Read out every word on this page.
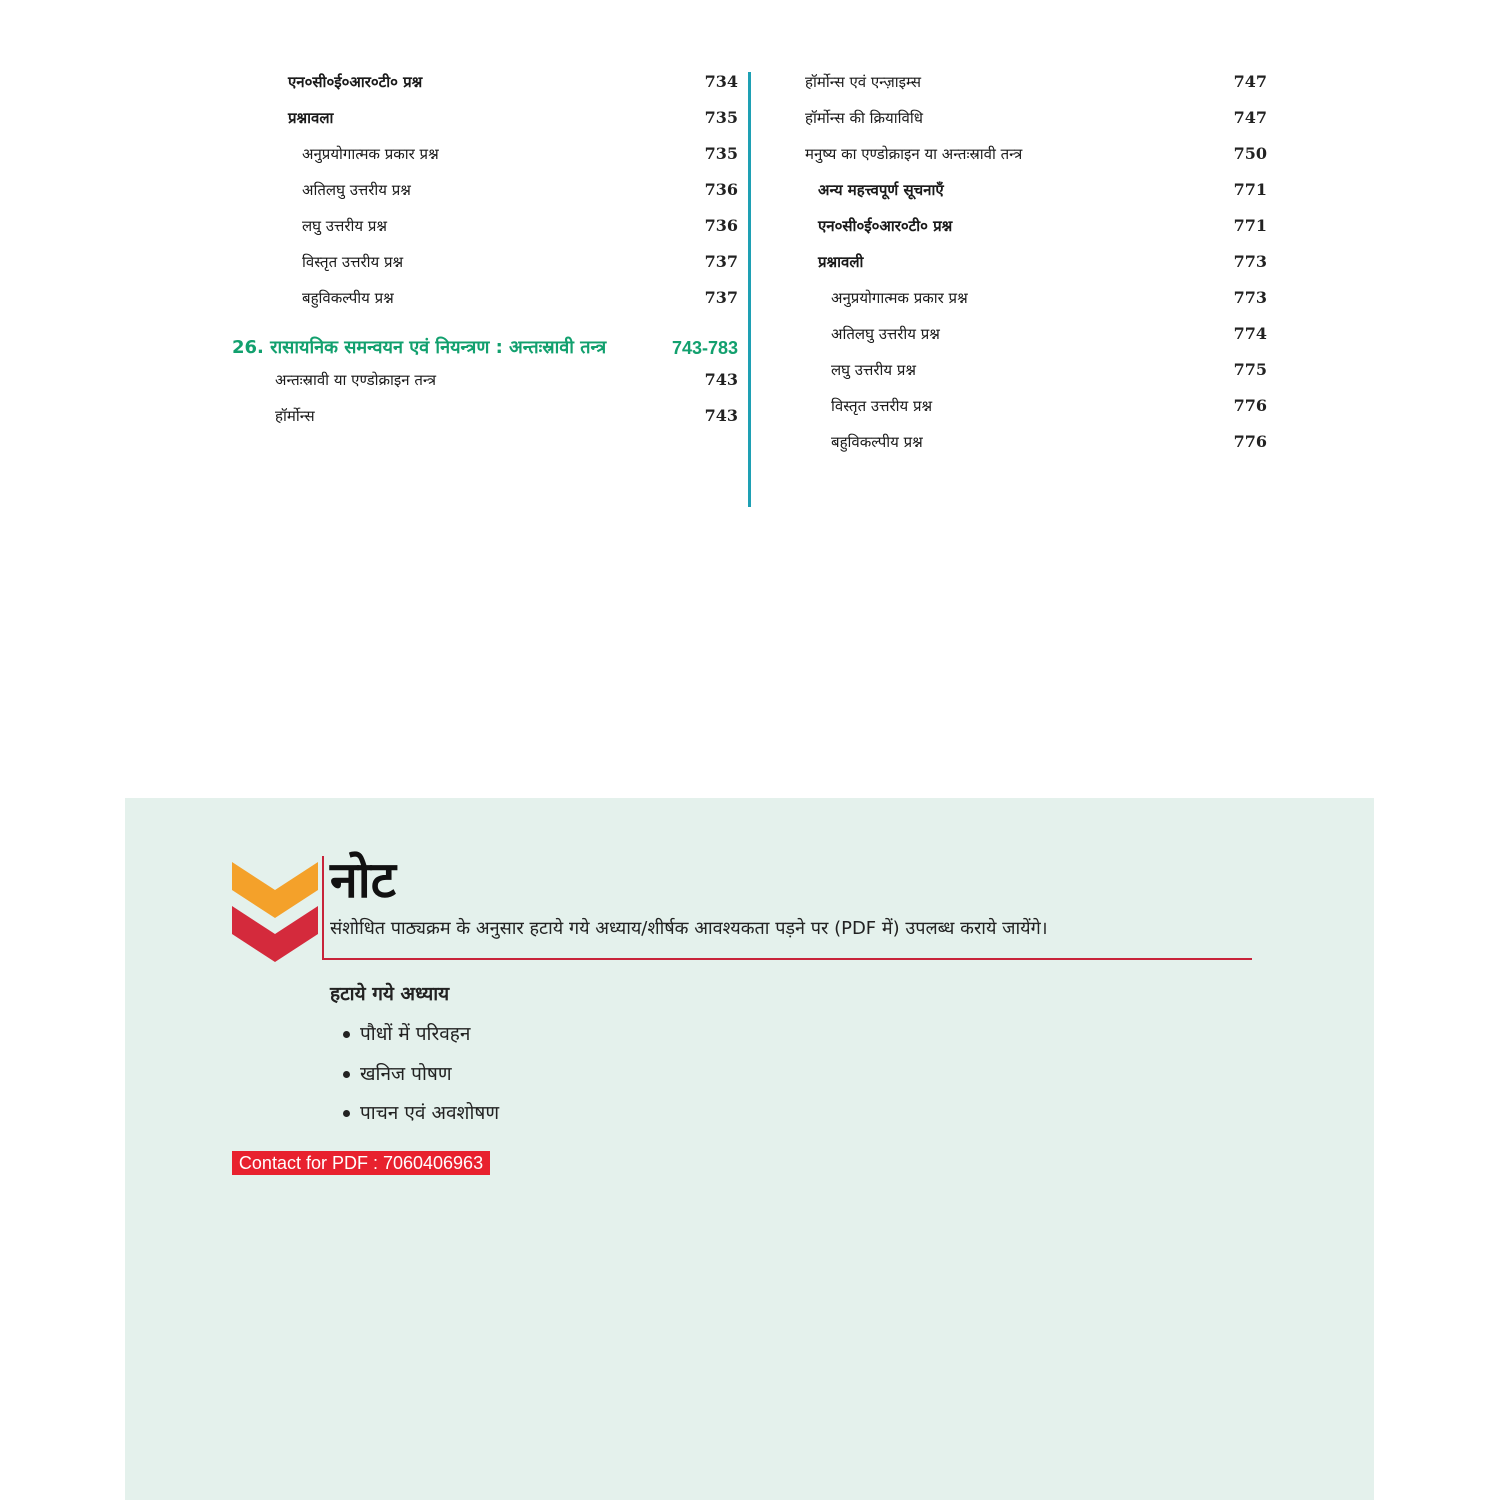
नोट
संशोधित पाठ्यक्रम के अनुसार हटाये गये अध्याय/शीर्षक आवश्यकता पड़ने पर (PDF में) उपलब्ध कराये जायेंगे।
हटाये गये अध्याय
पौधों में परिवहन
खनिज पोषण
पाचन एवं अवशोषण
Contact for PDF : 7060406963
एन०सी०ई०आर०टी० प्रश्न	734
प्रश्नावला	735
अनुप्रयोगात्मक प्रकार प्रश्न	735
अतिलघु उत्तरीय प्रश्न	736
लघु उत्तरीय प्रश्न	736
विस्तृत उत्तरीय प्रश्न	737
बहुविकल्पीय प्रश्न	737
26. रासायनिक समन्वयन एवं नियन्त्रण : अन्तःस्रावी तन्त्र	743-783
अन्तःस्रावी या एण्डोक्राइन तन्त्र	743
हॉर्मोन्स	743
हॉर्मोन्स एवं एन्ज़ाइम्स	747
हॉर्मोन्स की क्रियाविधि	747
मनुष्य का एण्डोक्राइन या अन्तःस्रावी तन्त्र	750
अन्य महत्त्वपूर्ण सूचनाएँ	771
एन०सी०ई०आर०टी० प्रश्न	771
प्रश्नावली	773
अनुप्रयोगात्मक प्रकार प्रश्न	773
अतिलघु उत्तरीय प्रश्न	774
लघु उत्तरीय प्रश्न	775
विस्तृत उत्तरीय प्रश्न	776
बहुविकल्पीय प्रश्न	776
